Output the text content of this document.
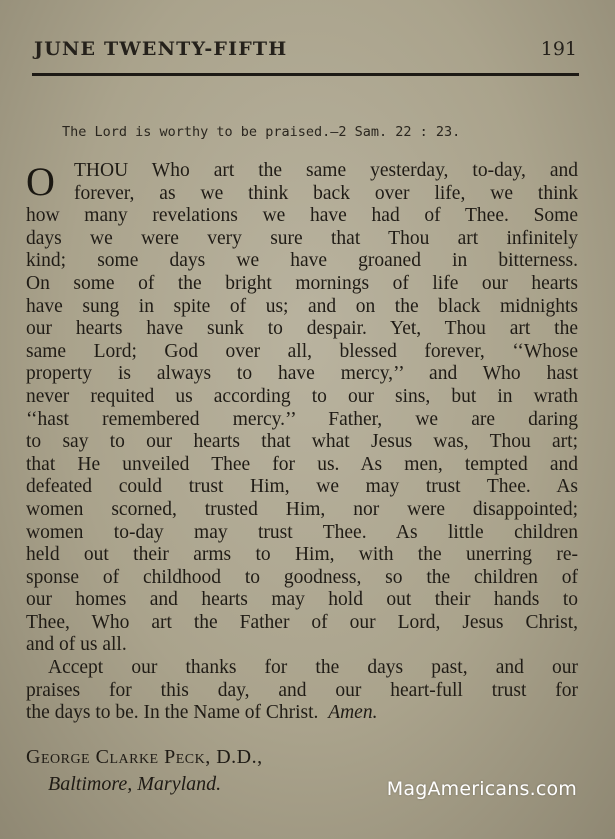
JUNE TWENTY-FIFTH	191
The Lord is worthy to be praised.—2 Sam. 22 : 23.
O THOU Who art the same yesterday, to-day, and
forever, as we think back over life, we think
how many revelations we have had of Thee. Some
days we were very sure that Thou art infinitely
kind; some days we have groaned in bitterness.
On some of the bright mornings of life our hearts
have sung in spite of us; and on the black midnights
our hearts have sunk to despair. Yet, Thou art the
same Lord; God over all, blessed forever, ‘‘Whose
property is always to have mercy,’’ and Who hast
never requited us according to our sins, but in wrath
‘‘hast remembered mercy.’’ Father, we are daring
to say to our hearts that what Jesus was, Thou art;
that He unveiled Thee for us. As men, tempted and
defeated could trust Him, we may trust Thee. As
women scorned, trusted Him, nor were disappointed;
women to-day may trust Thee. As little children
held out their arms to Him, with the unerring re-
sponse of childhood to goodness, so the children of
our homes and hearts may hold out their hands to
Thee, Who art the Father of our Lord, Jesus Christ,
and of us all.
Accept our thanks for the days past, and our
praises for this day, and our heart-full trust for
the days to be. In the Name of Christ. Amen.
George Clarke Peck, D.D.,
Baltimore, Maryland.	MagAmericans.com
